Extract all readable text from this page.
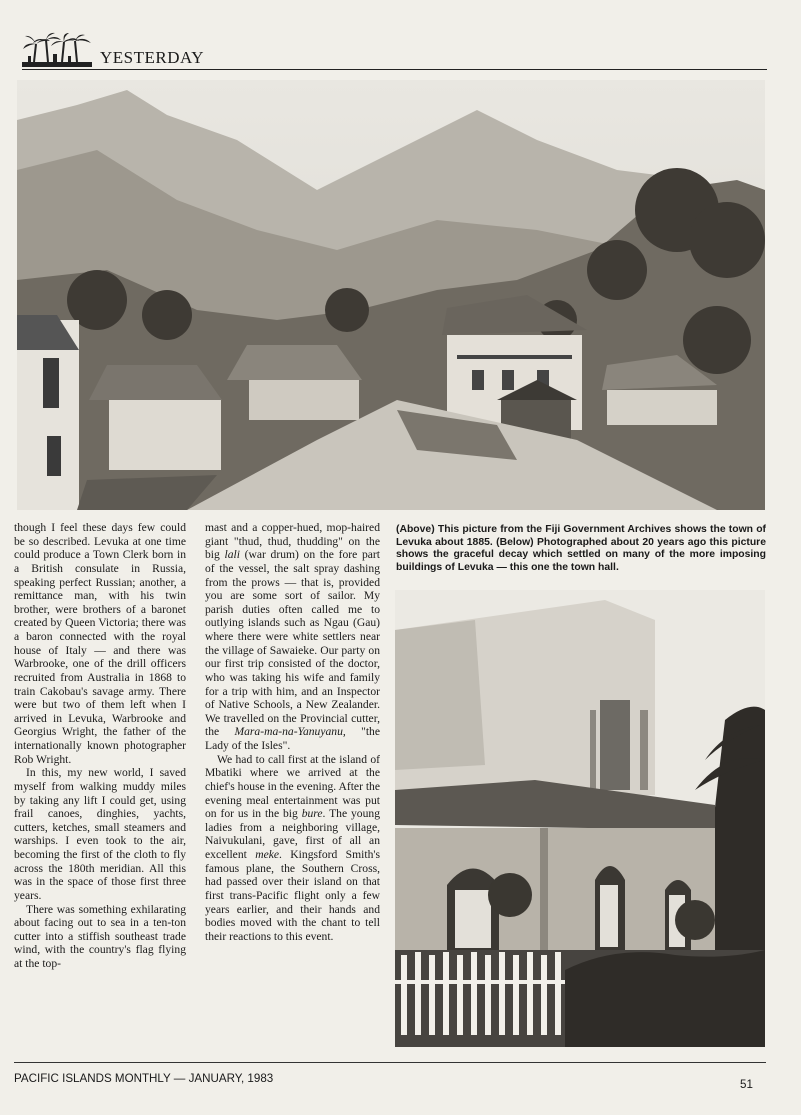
YESTERDAY
(Above) This picture from the Fiji Government Archives shows the town of Levuka about 1885. (Below) Photographed about 20 years ago this picture shows the graceful decay which settled on many of the more imposing buildings of Levuka — this one the town hall.

though I feel these days few could be so described. Levuka at one time could produce a Town Clerk born in a British consulate in Russia, speaking perfect Russian; another, a remittance man, with his twin brother, were brothers of a baronet created by Queen Victoria; there was a baron connected with the royal house of Italy — and there was Warbrooke, one of the drill officers recruited from Australia in 1868 to train Cakobau's savage army. There were but two of them left when I arrived in Levuka, Warbrooke and Georgius Wright, the father of the internationally known photographer Rob Wright.

In this, my new world, I saved myself from walking muddy miles by taking any lift I could get, using frail canoes, dinghies, yachts, cutters, ketches, small steamers and warships. I even took to the air, becoming the first of the cloth to fly across the 180th meridian. All this was in the space of those first three years.

There was something exhilarating about facing out to sea in a ten-ton cutter into a stiffish southeast trade wind, with the country's flag flying at the top-

mast and a copper-hued, mop-haired giant "thud, thud, thudding" on the big lali (war drum) on the fore part of the vessel, the salt spray dashing from the prows — that is, provided you are some sort of sailor. My parish duties often called me to outlying islands such as Ngau (Gau) where there were white settlers near the village of Sawaieke. Our party on our first trip consisted of the doctor, who was taking his wife and family for a trip with him, and an Inspector of Native Schools, a New Zealander. We travelled on the Provincial cutter, the Mara-ma-na-Yanuyanu, "the Lady of the Isles".

We had to call first at the island of Mbatiki where we arrived at the chief's house in the evening. After the evening meal entertainment was put on for us in the big bure. The young ladies from a neighboring village, Naivukulani, gave, first of all an excellent meke. Kingsford Smith's famous plane, the Southern Cross, had passed over their island on that first trans-Pacific flight only a few years earlier, and their hands and bodies moved with the chant to tell their reactions to this event.

PACIFIC ISLANDS MONTHLY — JANUARY, 1983	51
